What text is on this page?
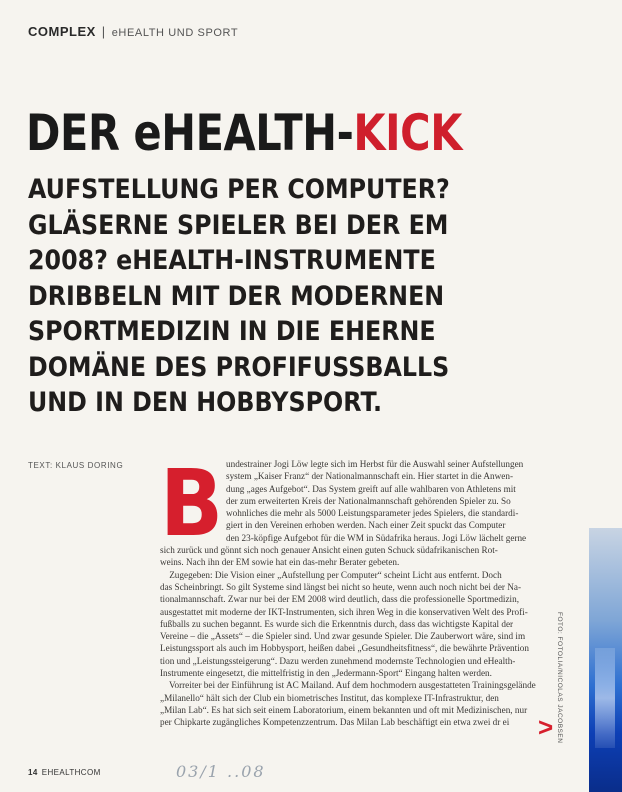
COMPLEX | eHEALTH UND SPORT
DER eHEALTH-KICK
AUFSTELLUNG PER COMPUTER?
GLÄSERNE SPIELER BEI DER EM
2008? eHEALTH-INSTRUMENTE
DRIBBELN MIT DER MODERNEN
SPORTMEDIZIN IN DIE EHERNE
DOMÄNE DES PROFIFUSSBALLS
UND IN DEN HOBBYSPORT.
TEXT: KLAUS DORING B undestrainer Jogi Löw legte sich im Herbst für die Auswahl seiner Aufstellungen
system „Kaiser Franz“ der Nationalmannschaft ein. Hier startet in die Anwen-
dung „ages Aufgebot“. Das System greift auf alle wahlbaren von Athletens mit
der zum erweiterten Kreis der Nationalmannschaft gehörenden Spieler zu. So
wohnliches die mehr als 5000 Leistungsparameter jedes Spielers, die standardi-
giert in den Vereinen erhoben werden. Nach einer Zeit spuckt das Computer
den 23-köpfige Aufgebot für die WM in Südafrika heraus. Jogi Löw lächelt gerne
sich zurück und gönnt sich noch genauer Ansicht einen guten Schuck südafrikanischen Rot-
weins. Nach ihn der EM sowie hat ein das-mehr Berater gebeten.
Zugegeben: Die Vision einer „Aufstellung per Computer“ scheint Licht aus entfernt. Doch
das Scheinbringt. So gilt Systeme sind längst bei nicht so heute, wenn auch noch nicht bei der Na-
tionalmannschaft. Zwar nur bei der EM 2008 wird deutlich, dass die professionelle Sportmedizin,
ausgestattet mit moderne der IKT-Instrumenten, sich ihren Weg in die konservativen Welt des Profi-
fußballs zu suchen begannt. Es wurde sich die Erkenntnis durch, dass das wichtigste Kapital der
Vereine – die „Assets“ – die Spieler sind. Und zwar gesunde Spieler. Die Zauberwort wäre, sind im
Leistungssport als auch im Hobbysport, heißen dabei „Gesundheitsfitness“, die bewährte Prävention
tion und „Leistungssteigerung“. Dazu werden zunehmend modernste Technologien und eHealth-
Instrumente eingesetzt, die mittelfristig in den „Jedermann-Sport“ Eingang halten werden.
Vorreiter bei der Einführung ist AC Mailand. Auf dem hochmodern ausgestatteten Trainingsgelände
„Milanello“ hält sich der Club ein biometrisches Institut, das komplexe IT-Infrastruktur, den
„Milan Lab“. Es hat sich seit einem Laboratorium, einem bekannten und oft mit Medizinischen, nur
per Chipkarte zugängliches Kompetenzzentrum. Das Milan Lab beschäftigt ein etwa zwei dr ei	> FOTO: FOTOLIA/NICOLAS JACOBSEN
14 EHEALTHCOM	03/1 ..08
